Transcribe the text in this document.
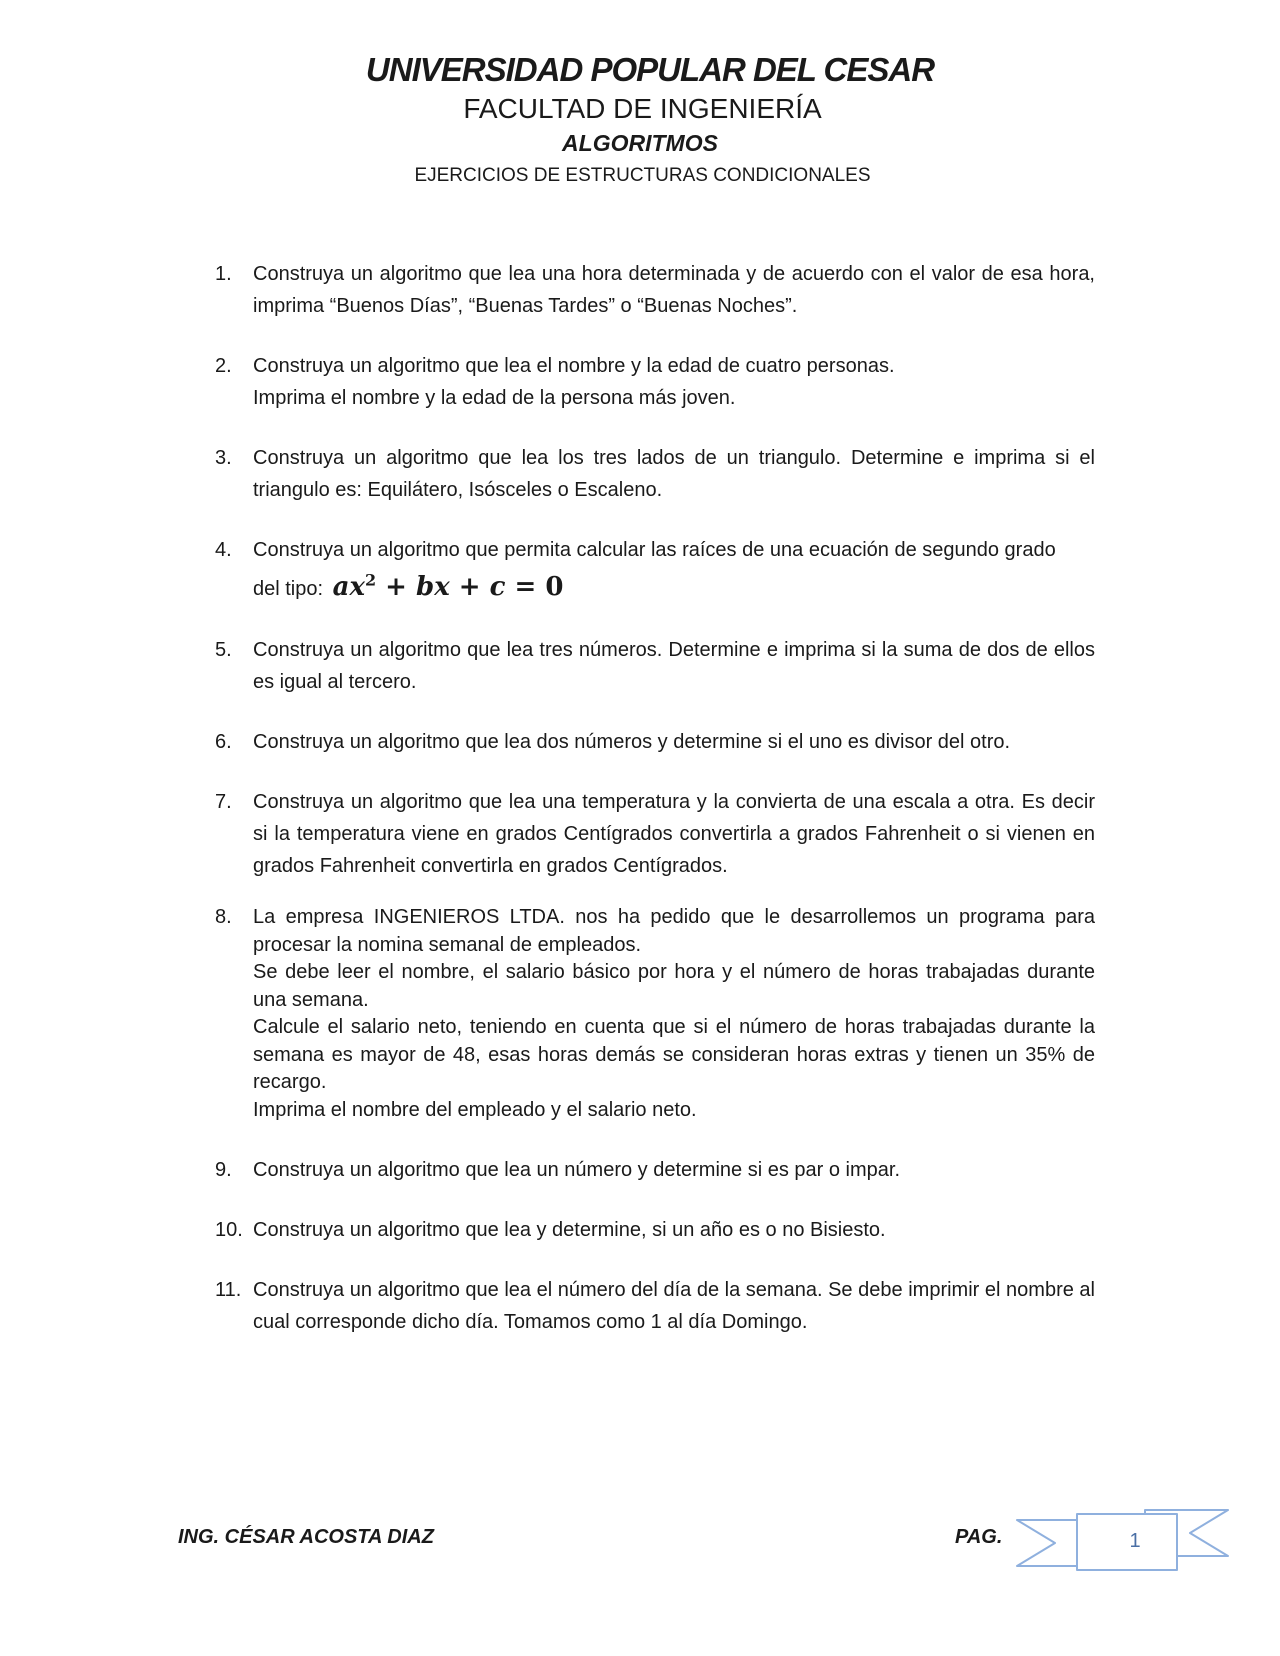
UNIVERSIDAD POPULAR DEL CESAR
FACULTAD DE INGENIERÍA
ALGORITMOS
EJERCICIOS DE ESTRUCTURAS CONDICIONALES
1. Construya un algoritmo que lea una hora determinada y de acuerdo con el valor de esa hora, imprima “Buenos Días”, “Buenas Tardes” o “Buenas Noches”.
2. Construya un algoritmo que lea el nombre y la edad de cuatro personas.
Imprima el nombre y la edad de la persona más joven.
3. Construya un algoritmo que lea los tres lados de un triangulo. Determine e imprima si el triangulo es: Equilátero, Isósceles o Escaleno.
4. Construya un algoritmo que permita calcular las raíces de una ecuación de segundo grado
del tipo: $ax^2$ + bx + c = 0
5. Construya un algoritmo que lea tres números. Determine e imprima si la suma de dos de ellos es igual al tercero.
6. Construya un algoritmo que lea dos números y determine si el uno es divisor del otro.
7. Construya un algoritmo que lea una temperatura y la convierta de una escala a otra. Es decir si la temperatura viene en grados Centígrados convertirla a grados Fahrenheit o si vienen en grados Fahrenheit convertirla en grados Centígrados.
8. La empresa INGENIEROS LTDA. nos ha pedido que le desarrollemos un programa para procesar la nomina semanal de empleados.
Se debe leer el nombre, el salario básico por hora y el número de horas trabajadas durante una semana.
Calcule el salario neto, teniendo en cuenta que si el número de horas trabajadas durante la semana es mayor de 48, esas horas demás se consideran horas extras y tienen un 35% de recargo.
Imprima el nombre del empleado y el salario neto.
9. Construya un algoritmo que lea un número y determine si es par o impar.
10. Construya un algoritmo que lea y determine, si un año es o no Bisiesto.
11. Construya un algoritmo que lea el número del día de la semana. Se debe imprimir el nombre al cual corresponde dicho día. Tomamos como 1 al día Domingo.
ING. CÉSAR ACOSTA DIAZ	PAG.	1
